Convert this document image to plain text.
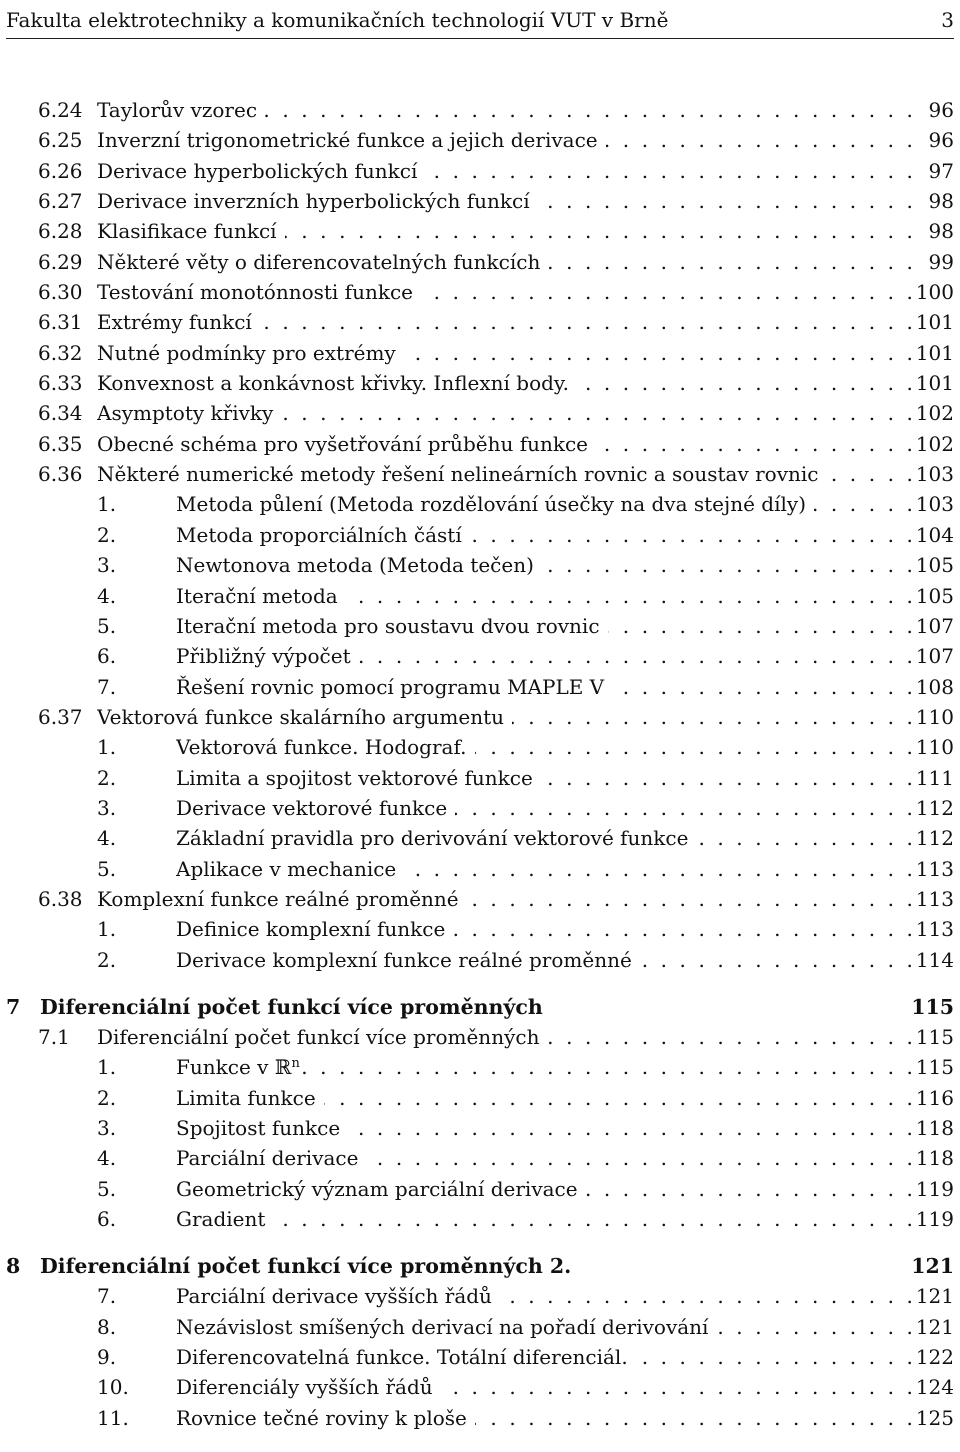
Fakulta elektrotechniky a komunikačních technologií VUT v Brně	3
6.24 Taylorův vzorec . . .	96
6.25 Inverzní trigonometrické funkce a jejich derivace . . .	96
6.26 Derivace hyperbolických funkcí . . .	97
6.27 Derivace inverzních hyperbolických funkcí . . .	98
6.28 Klasifikace funkcí . . .	98
6.29 Některé věty o diferencovatelných funkcích . . .	99
6.30 Testování monotónnosti funkce . . .	100
6.31 Extrémy funkcí . . .	101
6.32 Nutné podmínky pro extrémy . . .	101
6.33 Konvexnost a konkávnost křivky. Inflexní body. . . .	101
6.34 Asymptoty křivky . . .	102
6.35 Obecné schéma pro vyšetřování průběhu funkce . . .	102
6.36 Některé numerické metody řešení nelineárních rovnic a soustav rovnic . . .	103
1.	Metoda půlení (Metoda rozdělování úsečky na dva stejné díly) . . .	103
2.	Metoda proporciálních částí . . .	104
3.	Newtonova metoda (Metoda tečen) . . .	105
4.	Iterační metoda . . .	105
5.	Iterační metoda pro soustavu dvou rovnic . . .	107
6.	Přibližný výpočet . . .	107
7.	Řešení rovnic pomocí programu MAPLE V . . .	108
6.37 Vektorová funkce skalárního argumentu . . .	110
1.	Vektorová funkce. Hodograf. . . .	110
2.	Limita a spojitost vektorové funkce . . .	111
3.	Derivace vektorové funkce . . .	112
4.	Základní pravidla pro derivování vektorové funkce . . .	112
5.	Aplikace v mechanice . . .	113
6.38 Komplexní funkce reálné proměnné . . .	113
1.	Definice komplexní funkce . . .	113
2.	Derivace komplexní funkce reálné proměnné . . .	114
7 Diferenciální počet funkcí více proměnných	115
7.1 Diferenciální počet funkcí více proměnných . . .	115
1.	Funkce v ℝ$^n$ . . .	115
2.	Limita funkce . . .	116
3.	Spojitost funkce . . .	118
4.	Parciální derivace . . .	118
5.	Geometrický význam parciální derivace . . .	119
6.	Gradient . . .	119
8 Diferenciální počet funkcí více proměnných 2.	121
7.	Parciální derivace vyšších řádů . . .	121
8.	Nezávislost smíšených derivací na pořadí derivování . . .	121
9.	Diferencovatelná funkce. Totální diferenciál. . . .	122
10. Diferenciály vyšších řádů . . .	124
11. Rovnice tečné roviny k ploše . . .	125
